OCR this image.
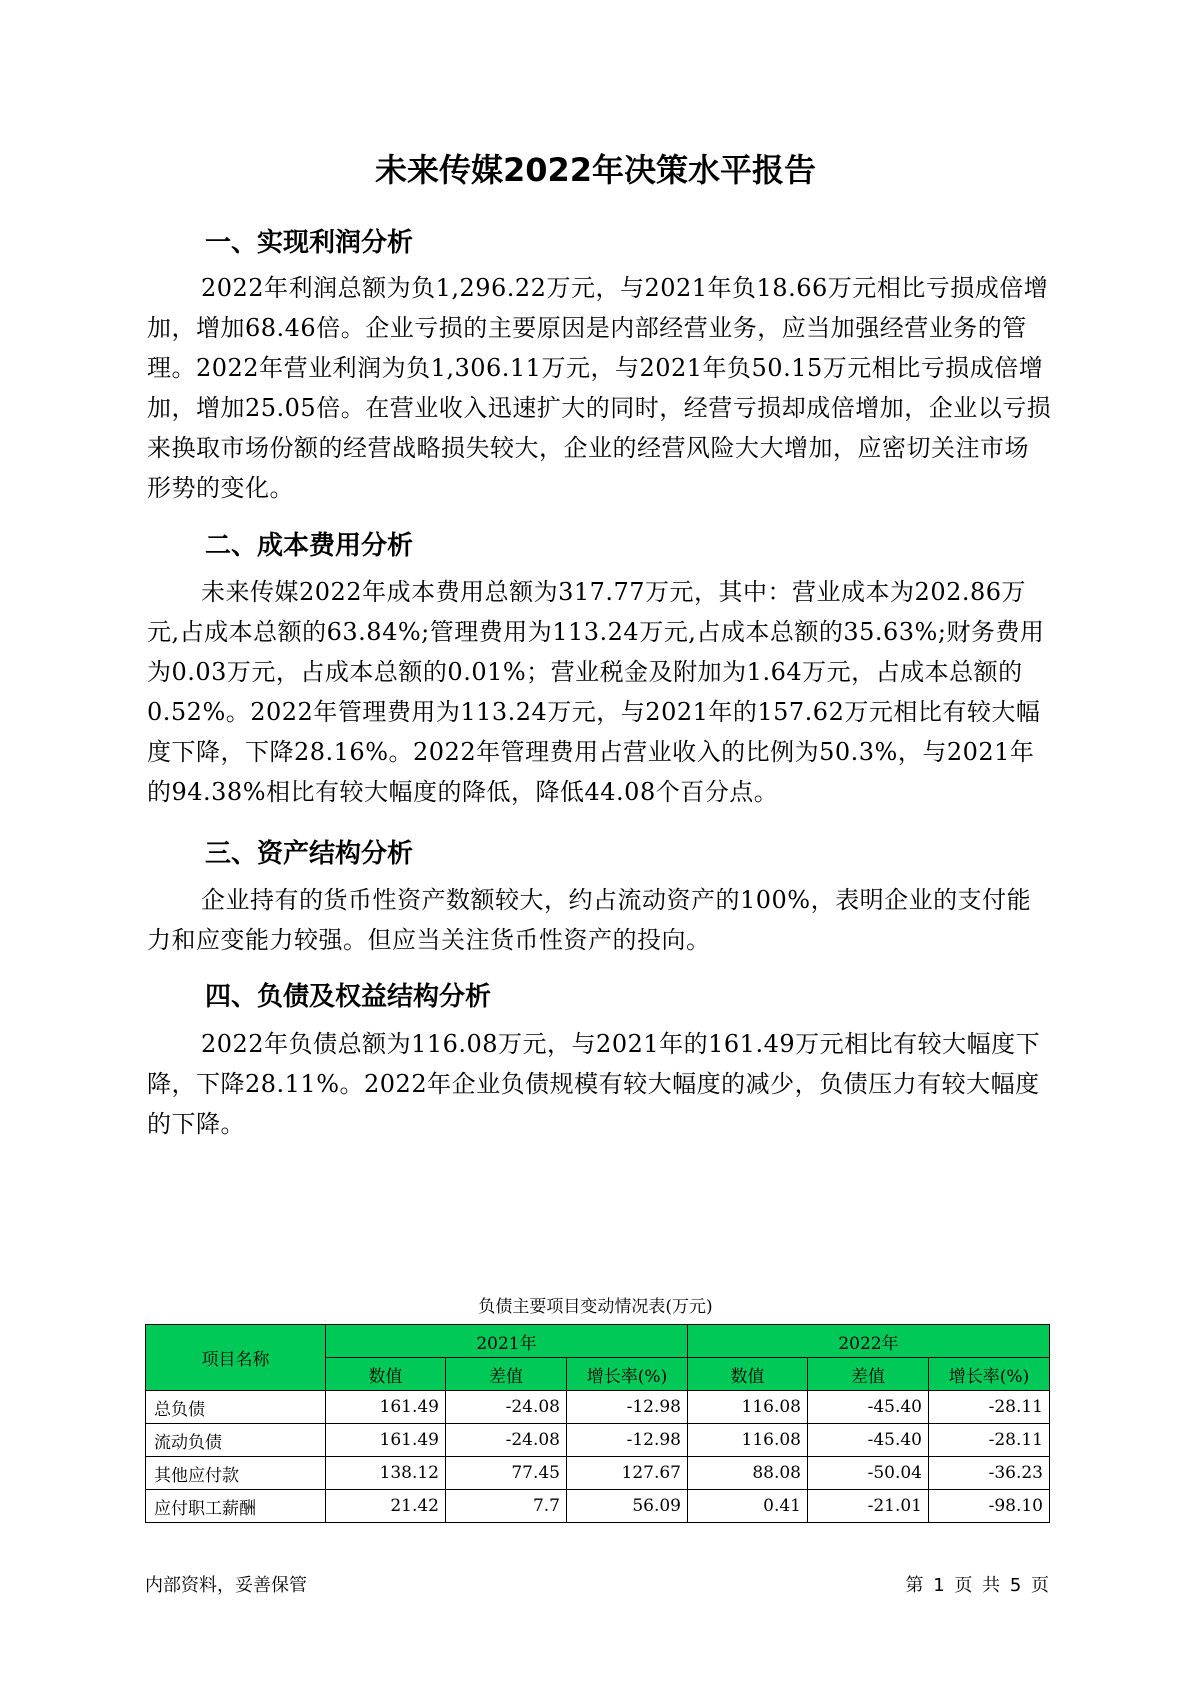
未来传媒2022年决策水平报告
一、实现利润分析

2022年利润总额为负1,296.22万元，与2021年负18.66万元相比亏损成倍增加，增加68.46倍。企业亏损的主要原因是内部经营业务，应当加强经营业务的管理。2022年营业利润为负1,306.11万元，与2021年负50.15万元相比亏损成倍增加，增加25.05倍。在营业收入迅速扩大的同时，经营亏损却成倍增加，企业以亏损来换取市场份额的经营战略损失较大，企业的经营风险大大增加，应密切关注市场形势的变化。

二、成本费用分析

未来传媒2022年成本费用总额为317.77万元，其中：营业成本为202.86万元,占成本总额的63.84%;管理费用为113.24万元,占成本总额的35.63%;财务费用为0.03万元，占成本总额的0.01%；营业税金及附加为1.64万元，占成本总额的0.52%。2022年管理费用为113.24万元，与2021年的157.62万元相比有较大幅度下降，下降28.16%。2022年管理费用占营业收入的比例为50.3%，与2021年的94.38%相比有较大幅度的降低，降低44.08个百分点。

三、资产结构分析

企业持有的货币性资产数额较大，约占流动资产的100%，表明企业的支付能力和应变能力较强。但应当关注货币性资产的投向。

四、负债及权益结构分析

2022年负债总额为116.08万元，与2021年的161.49万元相比有较大幅度下降，下降28.11%。2022年企业负债规模有较大幅度的减少，负债压力有较大幅度的下降。

负债主要项目变动情况表(万元)
项目名称	2021年			2022年		
	数值	差值	增长率(%)	数值	差值	增长率(%)
总负债	161.49	-24.08	-12.98	116.08	-45.40	-28.11
流动负债	161.49	-24.08	-12.98	116.08	-45.40	-28.11
其他应付款	138.12	77.45	127.67	88.08	-50.04	-36.23
应付职工薪酬	21.42	7.7	56.09	0.41	-21.01	-98.10
内部资料，妥善保管	第 1 页 共 5 页
